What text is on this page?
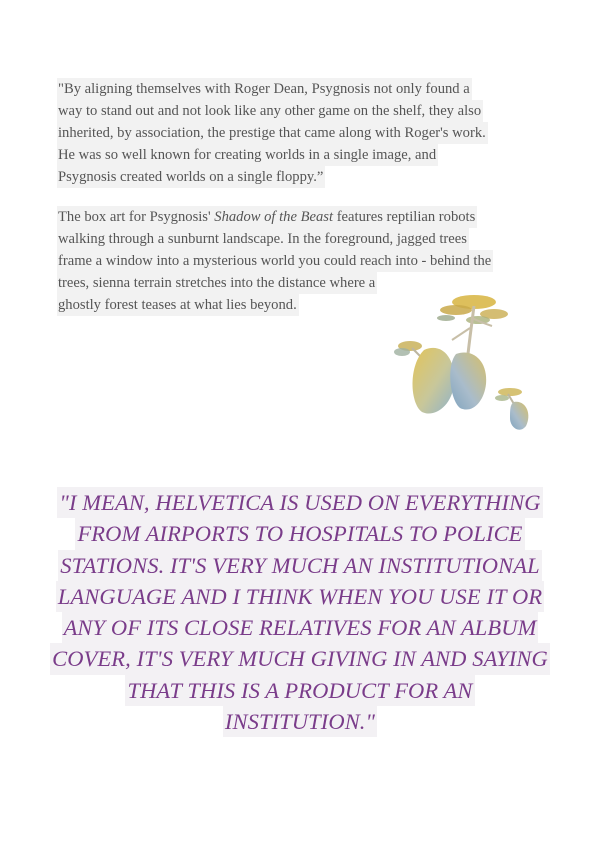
"By aligning themselves with Roger Dean, Psygnosis not only found a
way to stand out and not look like any other game on the shelf, they also
inherited, by association, the prestige that came along with Roger's work.
He was so well known for creating worlds in a single image, and
Psygnosis created worlds on a single floppy.”
The box art for Psygnosis' Shadow of the Beast features reptilian robots
walking through a sunburnt landscape. In the foreground, jagged trees
frame a window into a mysterious world you could reach into - behind the
trees, sienna terrain stretches into the distance where a
ghostly forest teases at what lies beyond.
"I MEAN, HELVETICA IS USED ON EVERYTHING
FROM AIRPORTS TO HOSPITALS TO POLICE
STATIONS. IT'S VERY MUCH AN INSTITUTIONAL
LANGUAGE AND I THINK WHEN YOU USE IT OR
ANY OF ITS CLOSE RELATIVES FOR AN ALBUM
COVER, IT'S VERY MUCH GIVING IN AND SAYING
THAT THIS IS A PRODUCT FOR AN
INSTITUTION."
